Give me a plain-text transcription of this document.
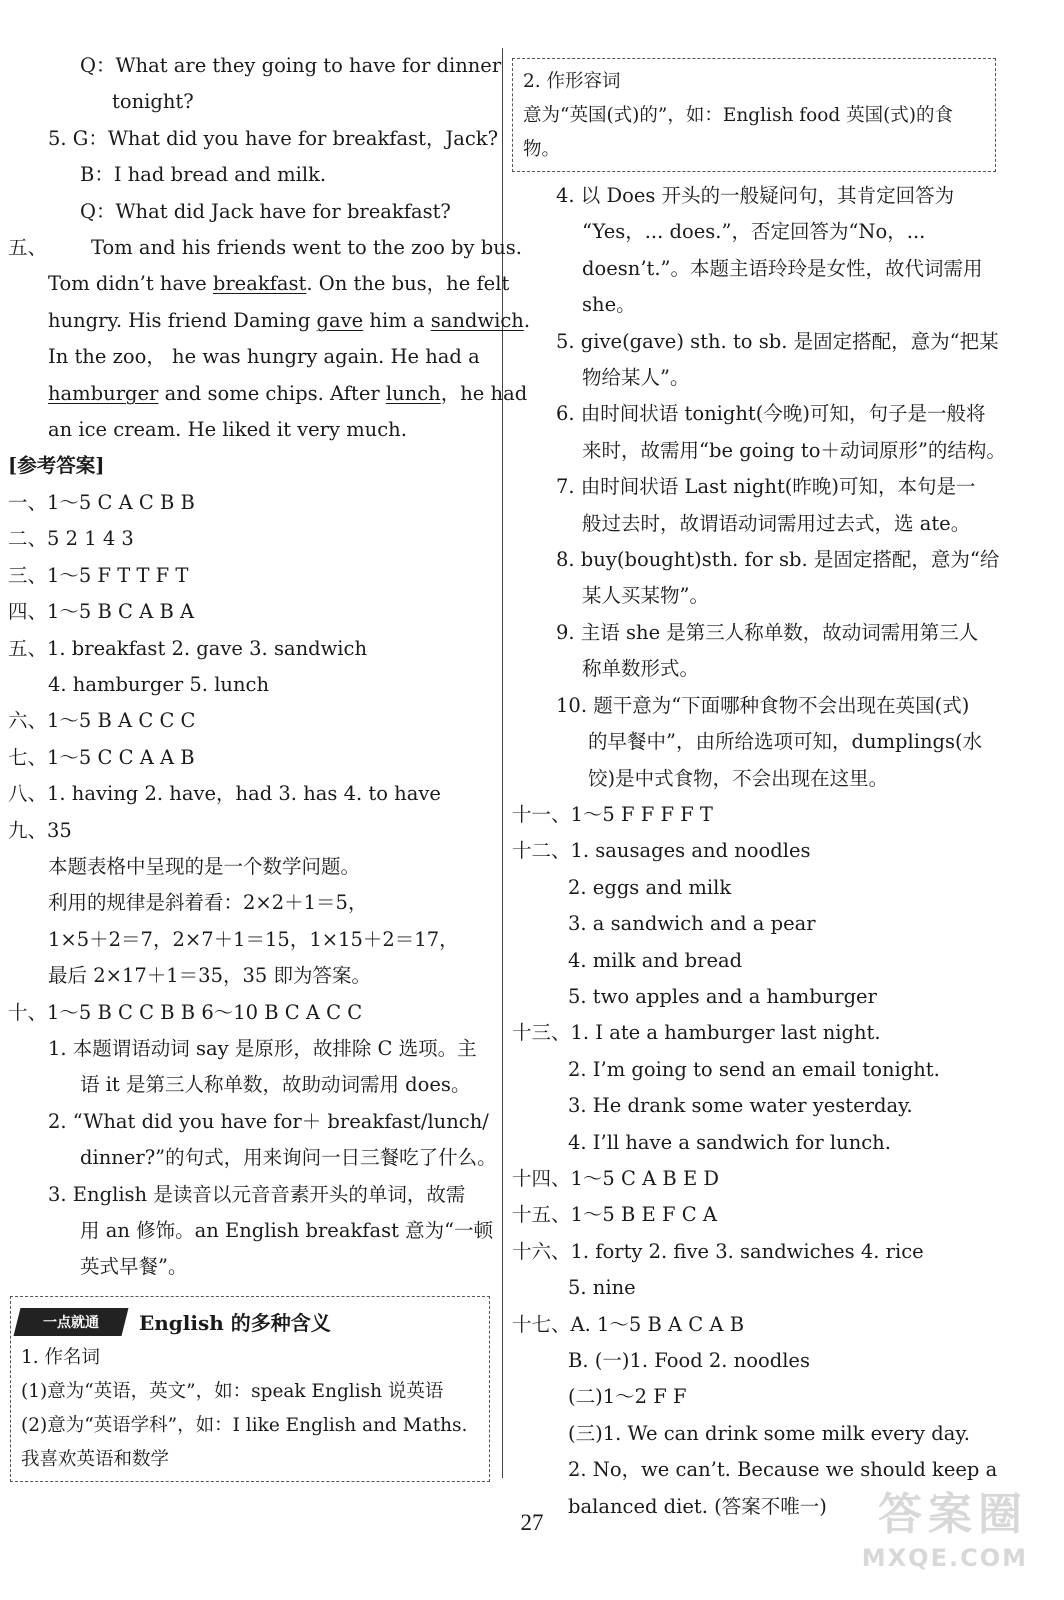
Q：What are they going to have for dinner
tonight?
5. G：What did you have for breakfast，Jack?
B：I had bread and milk.
Q：What did Jack have for breakfast?
五、 Tom and his friends went to the zoo by bus.
Tom didn’t have breakfast. On the bus，he felt
hungry. His friend Daming gave him a sandwich.
In the zoo， he was hungry again. He had a
hamburger and some chips. After lunch，he had
an ice cream. He liked it very much.
[参考答案]
一、1～5 C A C B B
二、5 2 1 4 3
三、1～5 F T T F T
四、1～5 B C A B A
五、1. breakfast 2. gave 3. sandwich
4. hamburger 5. lunch
六、1～5 B A C C C
七、1～5 C C A A B
八、1. having 2. have，had 3. has 4. to have
九、35
本题表格中呈现的是一个数学问题。
利用的规律是斜着看：2×2＋1＝5，
1×5＋2＝7，2×7＋1＝15，1×15＋2＝17，
最后 2×17＋1＝35，35 即为答案。
十、1～5 B C C B B 6～10 B C A C C
1. 本题谓语动词 say 是原形，故排除 C 选项。主
语 it 是第三人称单数，故助动词需用 does。
2. “What did you have for＋ breakfast/lunch/
dinner?”的句式，用来询问一日三餐吃了什么。
3. English 是读音以元音音素开头的单词，故需
用 an 修饰。an English breakfast 意为“一顿
英式早餐”。
一点就通 English 的多种含义
1. 作名词
(1)意为“英语，英文”，如：speak English 说英语
(2)意为“英语学科”，如：I like English and Maths.
我喜欢英语和数学
2. 作形容词
意为“英国(式)的”，如：English food 英国(式)的食
物。
4. 以 Does 开头的一般疑问句，其肯定回答为
“Yes，... does.”，否定回答为“No，...
doesn’t.”。本题主语玲玲是女性，故代词需用
she。
5. give(gave) sth. to sb. 是固定搭配，意为“把某
物给某人”。
6. 由时间状语 tonight(今晚)可知，句子是一般将
来时，故需用“be going to＋动词原形”的结构。
7. 由时间状语 Last night(昨晚)可知，本句是一
般过去时，故谓语动词需用过去式，选 ate。
8. buy(bought)sth. for sb. 是固定搭配，意为“给
某人买某物”。
9. 主语 she 是第三人称单数，故动词需用第三人
称单数形式。
10. 题干意为“下面哪种食物不会出现在英国(式)
的早餐中”，由所给选项可知，dumplings(水
饺)是中式食物，不会出现在这里。
十一、1～5 F F F F T
十二、1. sausages and noodles
2. eggs and milk
3. a sandwich and a pear
4. milk and bread
5. two apples and a hamburger
十三、1. I ate a hamburger last night.
2. I’m going to send an email tonight.
3. He drank some water yesterday.
4. I’ll have a sandwich for lunch.
十四、1～5 C A B E D
十五、1～5 B E F C A
十六、1. forty 2. five 3. sandwiches 4. rice
5. nine
十七、A. 1～5 B A C A B
B. (一)1. Food 2. noodles
(二)1～2 F F
(三)1. We can drink some milk every day.
2. No，we can’t. Because we should keep a
balanced diet. (答案不唯一)
27	答案圈
MXQE.COM
